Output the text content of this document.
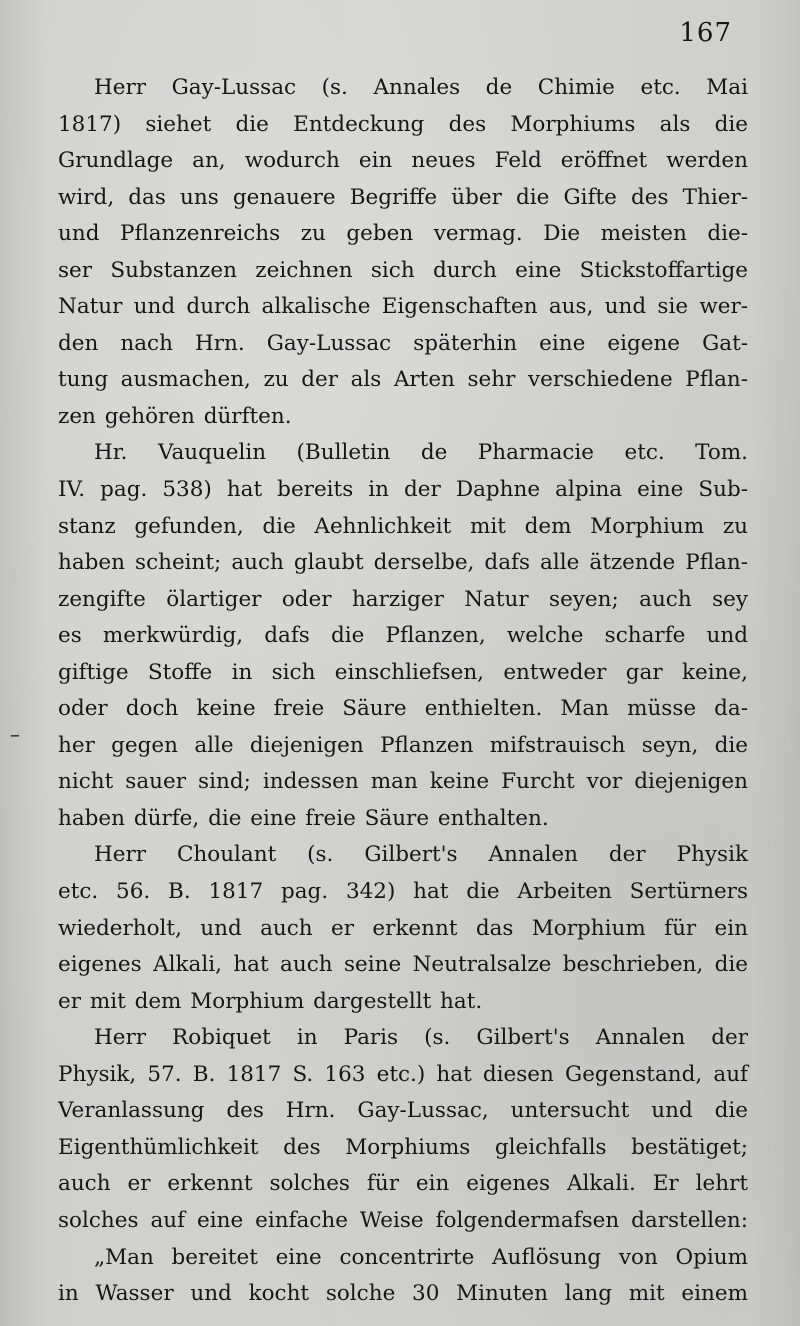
167
–
Herr Gay-Lussac (s. Annales de Chimie etc. Mai
1817) siehet die Entdeckung des Morphiums als die
Grundlage an, wodurch ein neues Feld eröffnet werden
wird, das uns genauere Begriffe über die Gifte des Thier-
und Pflanzenreichs zu geben vermag. Die meisten die-
ser Substanzen zeichnen sich durch eine Stickstoffartige
Natur und durch alkalische Eigenschaften aus, und sie wer-
den nach Hrn. Gay-Lussac späterhin eine eigene Gat-
tung ausmachen, zu der als Arten sehr verschiedene Pflan-
zen gehören dürften.
Hr. Vauquelin (Bulletin de Pharmacie etc. Tom.
IV. pag. 538) hat bereits in der Daphne alpina eine Sub-
stanz gefunden, die Aehnlichkeit mit dem Morphium zu
haben scheint; auch glaubt derselbe, dafs alle ätzende Pflan-
zengifte ölartiger oder harziger Natur seyen; auch sey
es merkwürdig, dafs die Pflanzen, welche scharfe und
giftige Stoffe in sich einschliefsen, entweder gar keine,
oder doch keine freie Säure enthielten. Man müsse da-
her gegen alle diejenigen Pflanzen mifstrauisch seyn, die
nicht sauer sind; indessen man keine Furcht vor diejenigen
haben dürfe, die eine freie Säure enthalten.
Herr Choulant (s. Gilbert's Annalen der Physik
etc. 56. B. 1817 pag. 342) hat die Arbeiten Sertürners
wiederholt, und auch er erkennt das Morphium für ein
eigenes Alkali, hat auch seine Neutralsalze beschrieben, die
er mit dem Morphium dargestellt hat.
Herr Robiquet in Paris (s. Gilbert's Annalen der
Physik, 57. B. 1817 S. 163 etc.) hat diesen Gegenstand, auf
Veranlassung des Hrn. Gay-Lussac, untersucht und die
Eigenthümlichkeit des Morphiums gleichfalls bestätiget;
auch er erkennt solches für ein eigenes Alkali. Er lehrt
solches auf eine einfache Weise folgendermafsen darstellen:
„Man bereitet eine concentrirte Auflösung von Opium
in Wasser und kocht solche 30 Minuten lang mit einem
